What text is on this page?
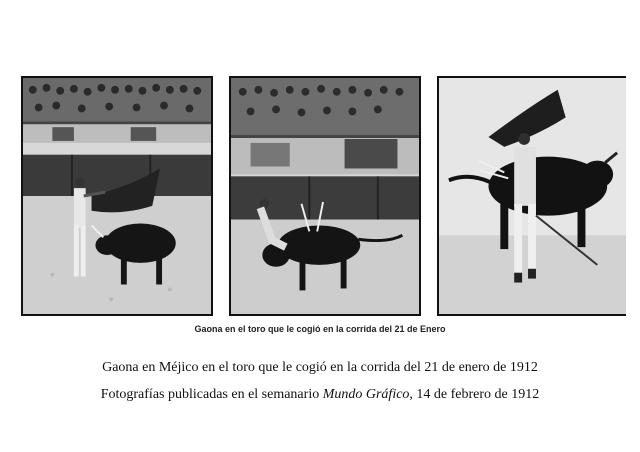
Gaona en el toro que le cogió en la corrida del 21 de Enero
Gaona en Méjico en el toro que le cogió en la corrida del 21 de enero de 1912
Fotografías publicadas en el semanario Mundo Gráfico, 14 de febrero de 1912
